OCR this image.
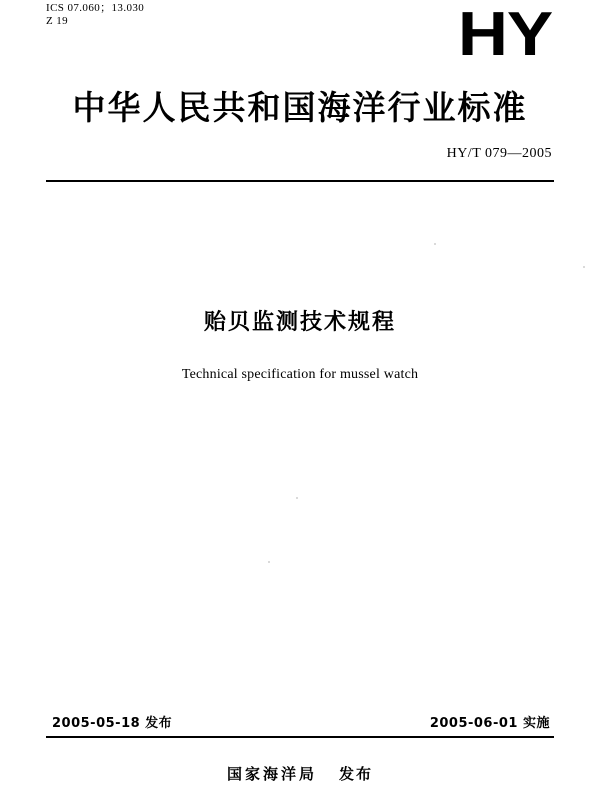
ICS 07.060；13.030
Z 19	HY
中华人民共和国海洋行业标准
HY/T 079—2005
贻贝监测技术规程
Technical specification for mussel watch
2005-05-18 发布	2005-06-01 实施
国家海洋局 发布
